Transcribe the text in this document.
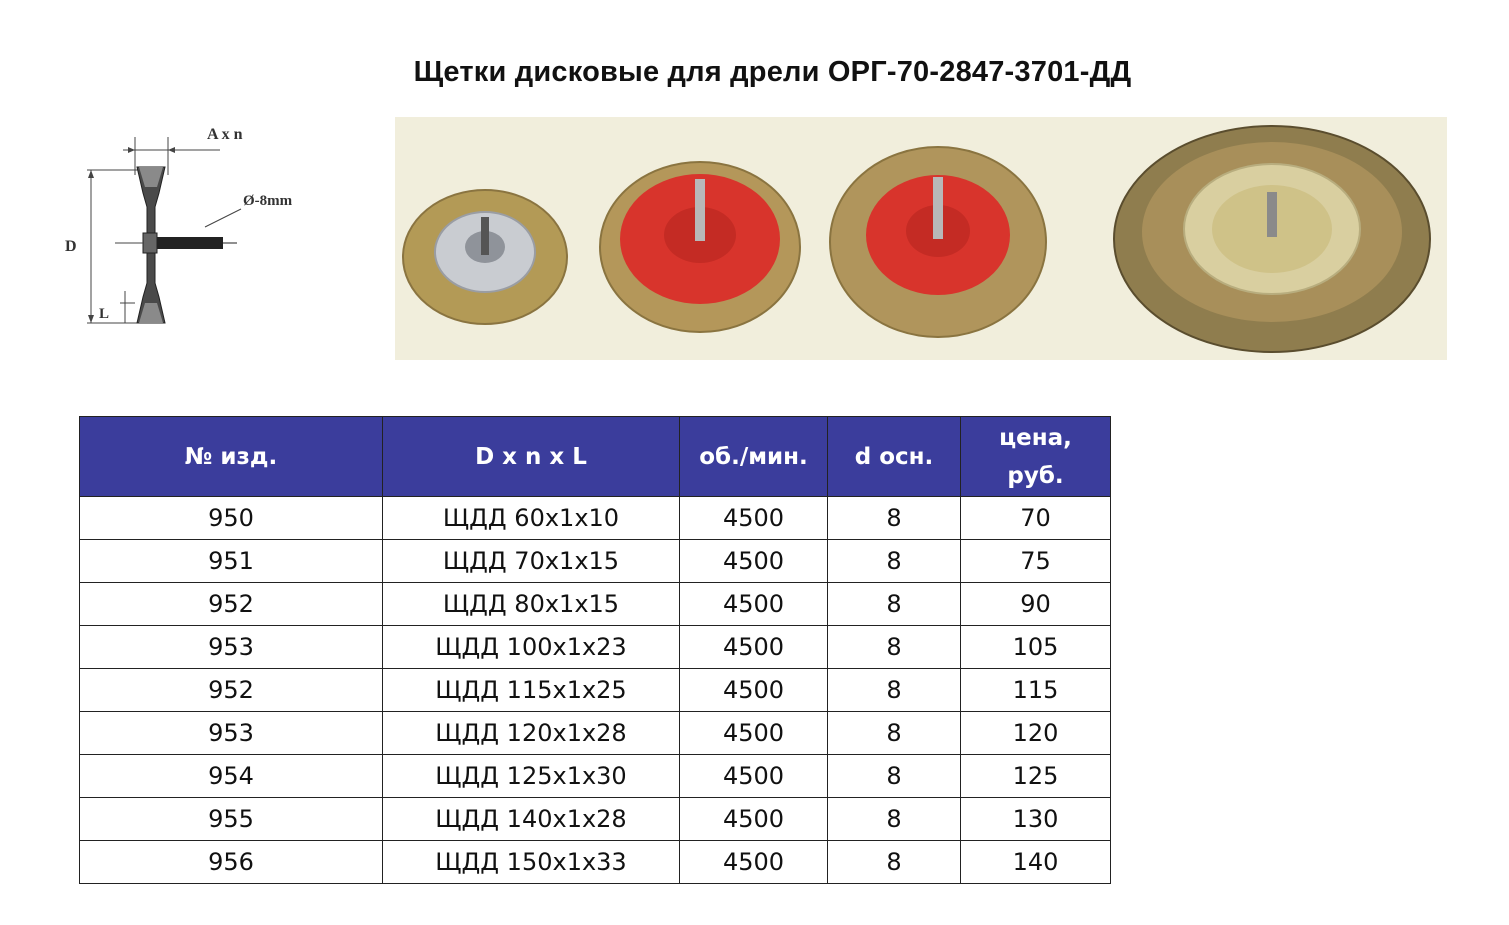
Щетки дисковые для дрели ОРГ-70-2847-3701-ДД
A x n
Ø-8mm
D
L
№ изд.	D x n x L	об./мин.	d осн.	цена, руб.
950	ЩДД 60x1x10	4500	8	70
951	ЩДД 70x1x15	4500	8	75
952	ЩДД 80x1x15	4500	8	90
953	ЩДД 100x1x23	4500	8	105
952	ЩДД 115x1x25	4500	8	115
953	ЩДД 120x1x28	4500	8	120
954	ЩДД 125x1x30	4500	8	125
955	ЩДД 140x1x28	4500	8	130
956	ЩДД 150x1x33	4500	8	140
